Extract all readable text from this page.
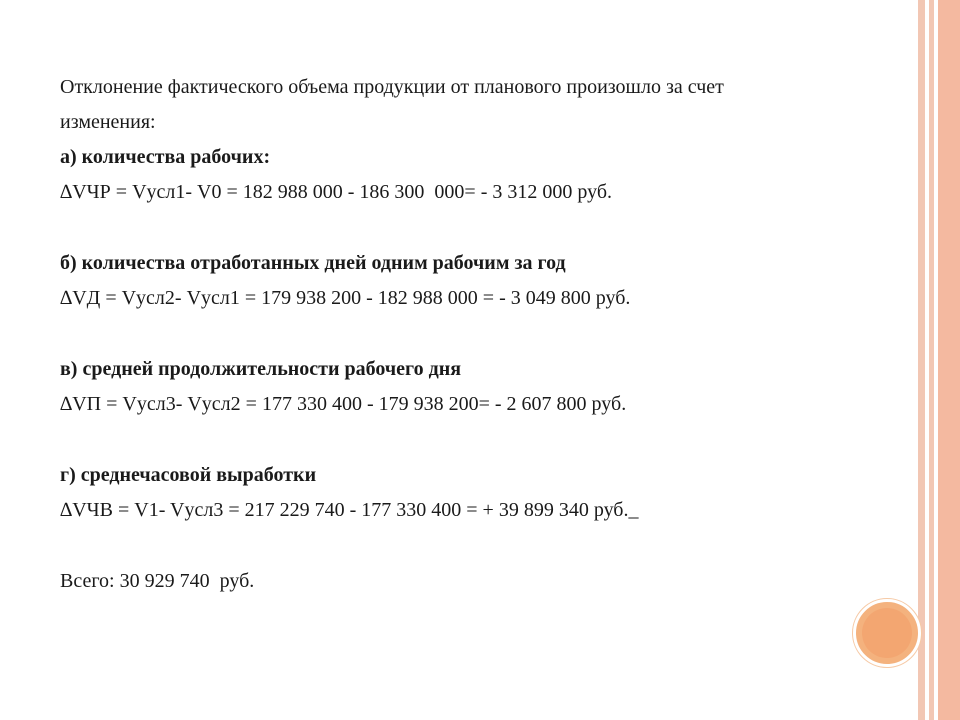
Отклонение фактического объема продукции от планового произошло за счет
изменения:
а) количества рабочих:
∆VЧР = Vусл1- V0 = 182 988 000 - 186 300  000= - 3 312 000 руб.
б) количества отработанных дней одним рабочим за год
∆VД = Vусл2- Vусл1 = 179 938 200 - 182 988 000 = - 3 049 800 руб.
в) средней продолжительности рабочего дня
∆VП = Vусл3- Vусл2 = 177 330 400 - 179 938 200= - 2 607 800 руб.
г) среднечасовой выработки
∆VЧВ = V1- Vусл3 = 217 229 740 - 177 330 400 = + 39 899 340 руб._
Всего: 30 929 740  руб.
